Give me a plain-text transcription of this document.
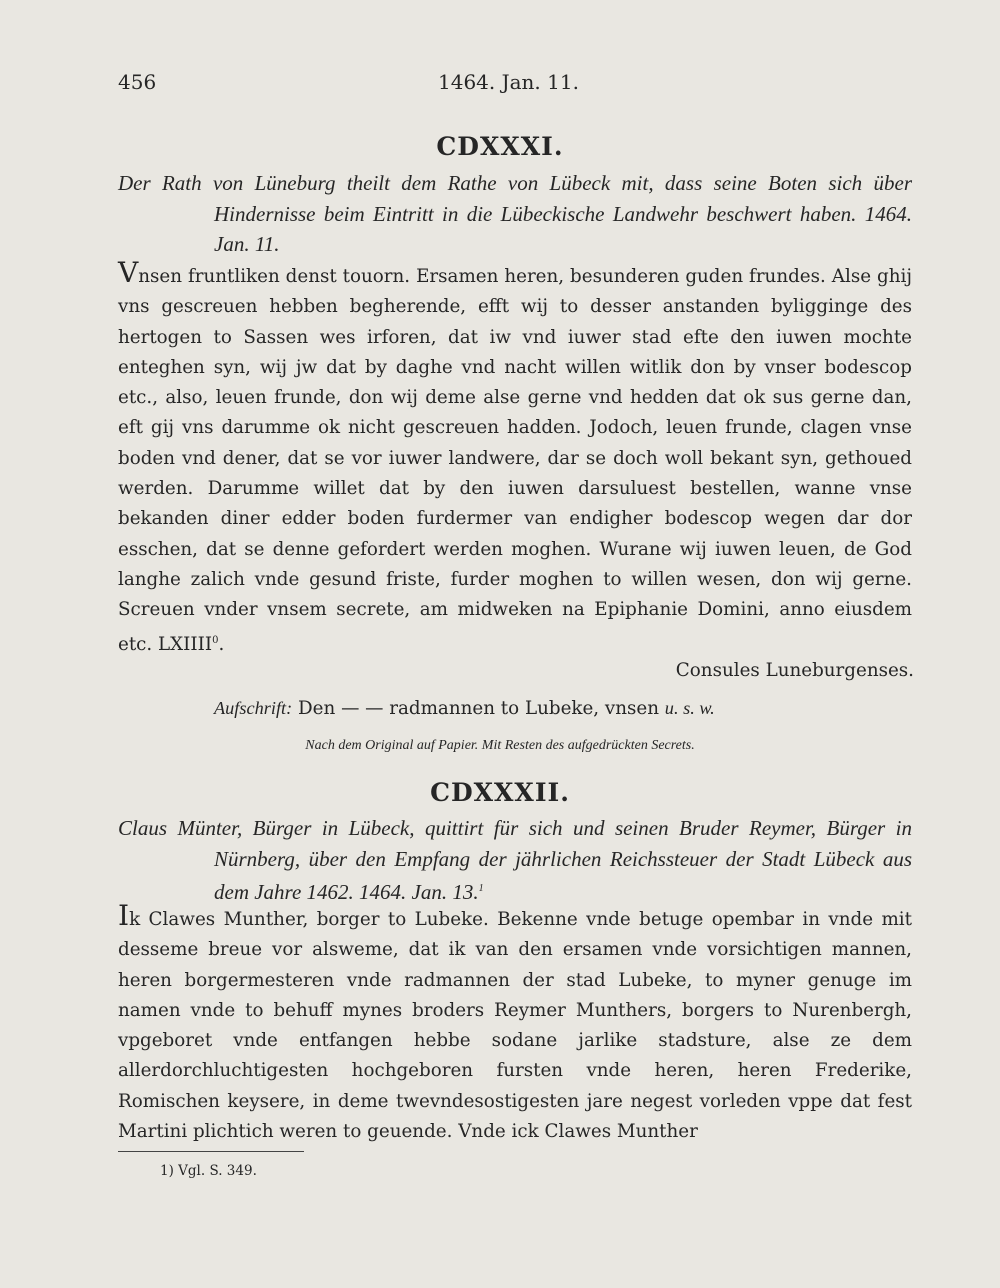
456	1464. Jan. 11.
CDXXXI.
Der Rath von Lüneburg theilt dem Rathe von Lübeck mit, dass seine Boten sich über Hindernisse beim Eintritt in die Lübeckische Landwehr beschwert haben. 1464. Jan. 11.
Vnsen fruntliken denst touorn. Ersamen heren, besunderen guden frundes. Alse ghij vns gescreuen hebben begherende, efft wij to desser anstanden byligginge des hertogen to Sassen wes irforen, dat iw vnd iuwer stad efte den iuwen mochte enteghen syn, wij jw dat by daghe vnd nacht willen witlik don by vnser bodescop etc., also, leuen frunde, don wij deme alse gerne vnd hedden dat ok sus gerne dan, eft gij vns darumme ok nicht gescreuen hadden. Jodoch, leuen frunde, clagen vnse boden vnd dener, dat se vor iuwer landwere, dar se doch woll bekant syn, gethoued werden. Darumme willet dat by den iuwen darsuluest bestellen, wanne vnse bekanden diner edder boden furdermer van endigher bodescop wegen dar dor esschen, dat se denne gefordert werden moghen. Wurane wij iuwen leuen, de God langhe zalich vnde gesund friste, furder moghen to willen wesen, don wij gerne. Screuen vnder vnsem secrete, am midweken na Epiphanie Domini, anno eiusdem etc. LXIIII$^0$.
Consules Luneburgenses.
Aufschrift: Den — — radmannen to Lubeke, vnsen u. s. w.
Nach dem Original auf Papier. Mit Resten des aufgedrückten Secrets.
CDXXXII.
Claus Münter, Bürger in Lübeck, quittirt für sich und seinen Bruder Reymer, Bürger in Nürnberg, über den Empfang der jährlichen Reichssteuer der Stadt Lübeck aus dem Jahre 1462. 1464. Jan. 13.$^1$
Ik Clawes Munther, borger to Lubeke. Bekenne vnde betuge opembar in vnde mit desseme breue vor alsweme, dat ik van den ersamen vnde vorsichtigen mannen, heren borgermesteren vnde radmannen der stad Lubeke, to myner genuge im namen vnde to behuff mynes broders Reymer Munthers, borgers to Nurenbergh, vpgeboret vnde entfangen hebbe sodane jarlike stadsture, alse ze dem allerdorchluchtigesten hochgeboren fursten vnde heren, heren Frederike, Romischen keysere, in deme twevndesostigesten jare negest vorleden vppe dat fest Martini plichtich weren to geuende. Vnde ick Clawes Munther
1) Vgl. S. 349.
